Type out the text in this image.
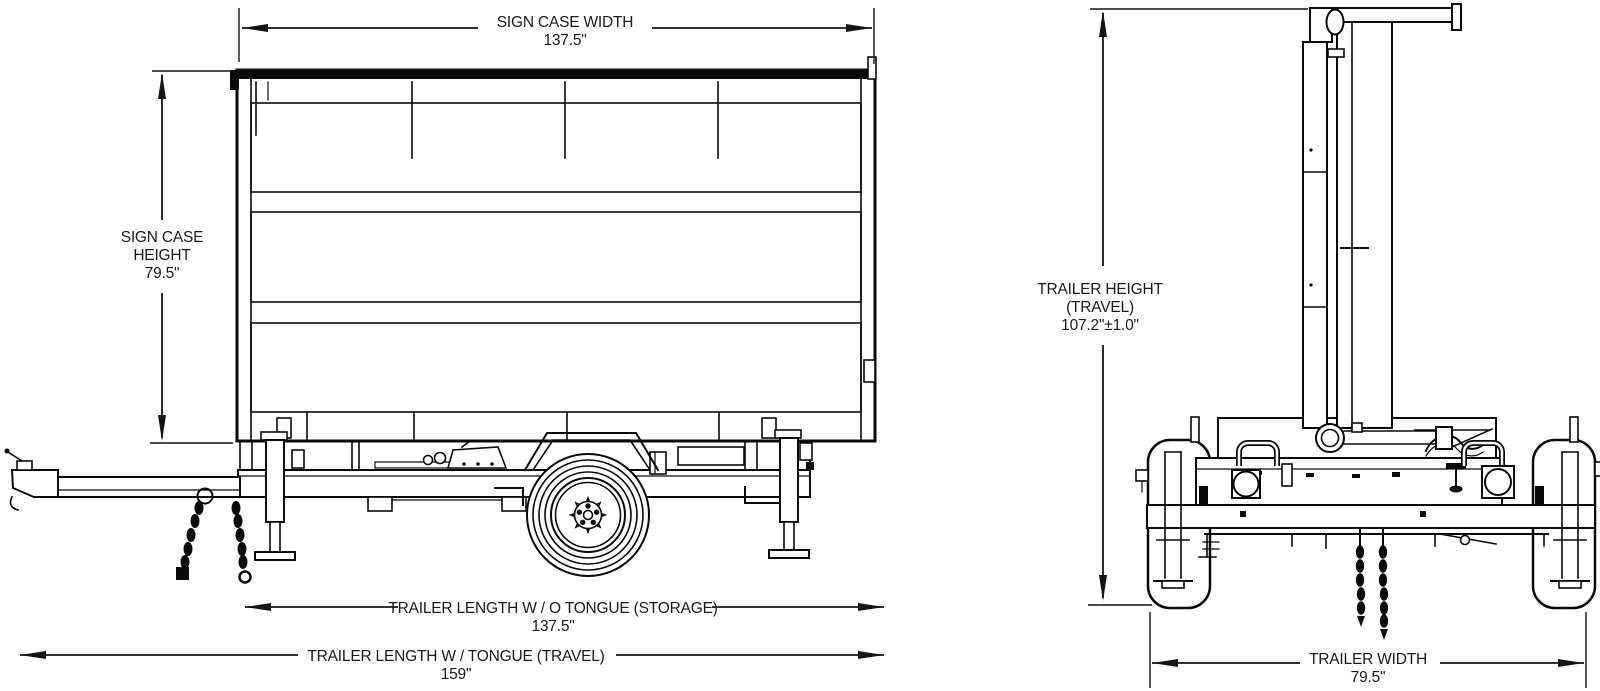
SIGN CASE WIDTH
137.5"
SIGN CASE
HEIGHT
79.5"
TRAILER LENGTH W / O TONGUE (STORAGE)
137.5"
TRAILER LENGTH W / TONGUE (TRAVEL)
159"
TRAILER HEIGHT
(TRAVEL)
107.2"±1.0"
TRAILER WIDTH
79.5"
